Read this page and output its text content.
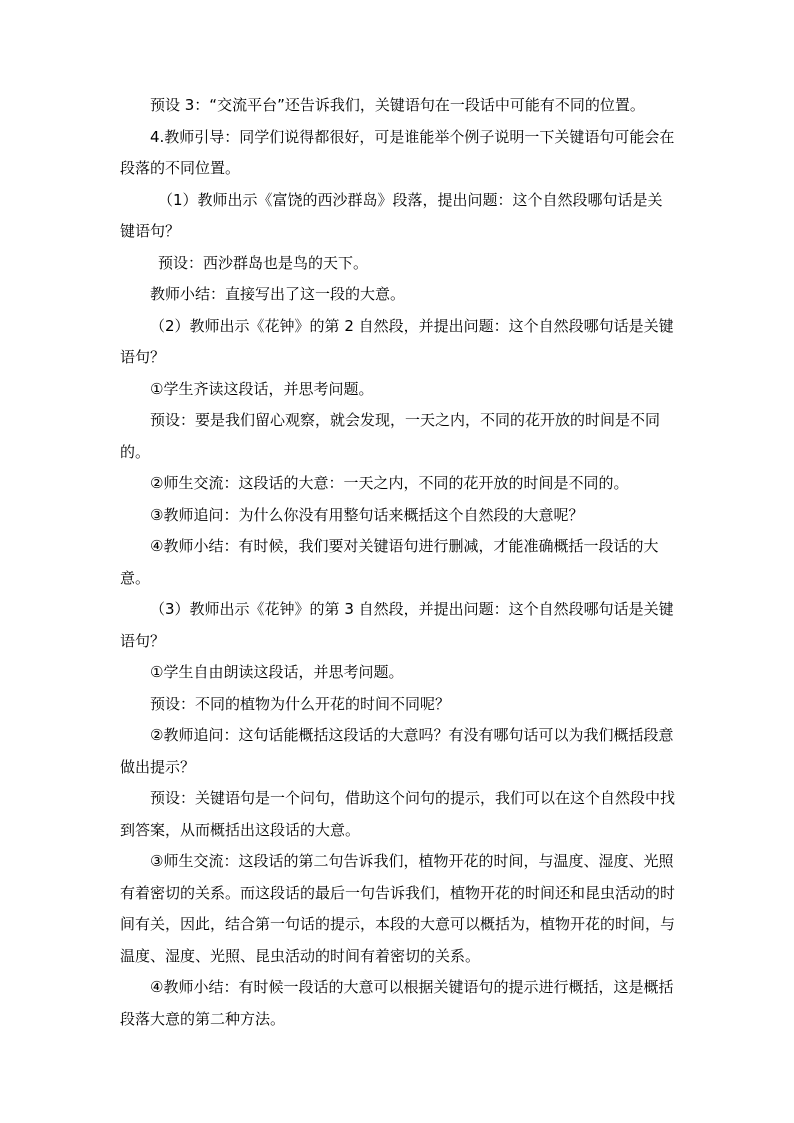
预设 3：“交流平台”还告诉我们，关键语句在一段话中可能有不同的位置。

4.教师引导：同学们说得都很好，可是谁能举个例子说明一下关键语句可能会在段落的不同位置。

（1）教师出示《富饶的西沙群岛》段落，提出问题：这个自然段哪句话是关键语句？

预设：西沙群岛也是鸟的天下。

教师小结：直接写出了这一段的大意。

（2）教师出示《花钟》的第 2 自然段，并提出问题：这个自然段哪句话是关键语句？

①学生齐读这段话，并思考问题。

预设：要是我们留心观察，就会发现，一天之内，不同的花开放的时间是不同的。

②师生交流：这段话的大意：一天之内，不同的花开放的时间是不同的。

③教师追问：为什么你没有用整句话来概括这个自然段的大意呢？

④教师小结：有时候，我们要对关键语句进行删减，才能准确概括一段话的大意。

（3）教师出示《花钟》的第 3 自然段，并提出问题：这个自然段哪句话是关键语句？

①学生自由朗读这段话，并思考问题。

预设：不同的植物为什么开花的时间不同呢？

②教师追问：这句话能概括这段话的大意吗？有没有哪句话可以为我们概括段意做出提示？

预设：关键语句是一个问句，借助这个问句的提示，我们可以在这个自然段中找到答案，从而概括出这段话的大意。

③师生交流：这段话的第二句告诉我们，植物开花的时间，与温度、湿度、光照有着密切的关系。而这段话的最后一句告诉我们，植物开花的时间还和昆虫活动的时间有关，因此，结合第一句话的提示，本段的大意可以概括为，植物开花的时间，与温度、湿度、光照、昆虫活动的时间有着密切的关系。

④教师小结：有时候一段话的大意可以根据关键语句的提示进行概括，这是概括段落大意的第二种方法。
